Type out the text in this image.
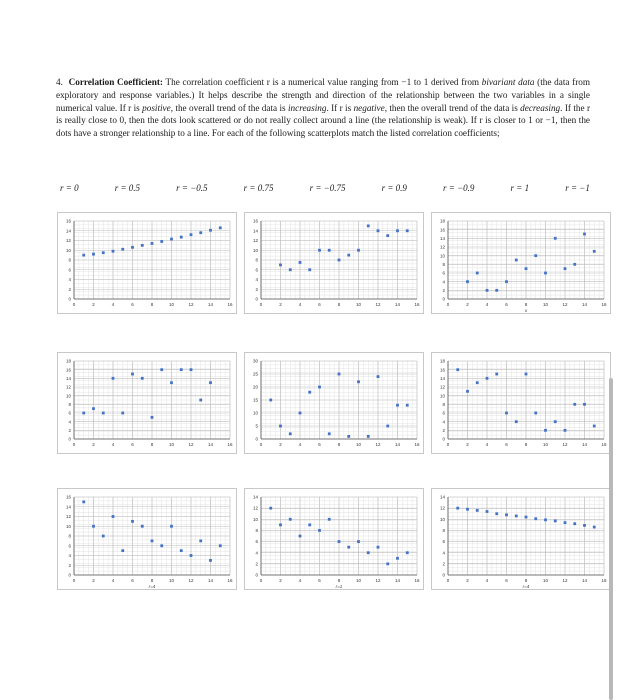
4. Correlation Coefficient: The correlation coefficient r is a numerical value ranging from −1 to 1 derived from bivariant data (the data from exploratory and response variables.) It helps describe the strength and direction of the relationship between the two variables in a single numerical value. If r is positive, the overall trend of the data is increasing. If r is negative, then the overall trend of the data is decreasing. If the r is really close to 0, then the dots look scattered or do not really collect around a line (the relationship is weak). If r is closer to 1 or −1, then the dots have a stronger relationship to a line. For each of the following scatterplots match the listed correlation coefficients;
r = 0	r = 0.5	r = −0.5	r = 0.75	r = −0.75	r = 0.9	r = −0.9	r = 1	r = −1
0	2	4	6	8	10	12	14	16
0
2
4
6
8
10
12
14
16
0	2	4	6	8	10	12	14	16
0
2
4
6
8
10
12
14
16
0	2	4	6	8	10	12	14	16
0
2
4
6
8
10
12
14
16
18
x
0	2	4	6	8	10	12	14	16
0
2
4
6
8
10
12
14
16
18
0	2	4	6	8	10	12	14	16
0
5
10
15
20
25
30
0	2	4	6	8	10	12	14	16
0
2
4
6
8
10
12
14
16
18
0	2	4	6	8	10	12	14	16
0
2
4
6
8
10
12
14
16
r=4
0	2	4	6	8	10	12	14	16
0
2
4
6
8
10
12
14
r=1
0	2	4	6	8	10	12	14	16
0
2
4
6
8
10
12
14
r=4
